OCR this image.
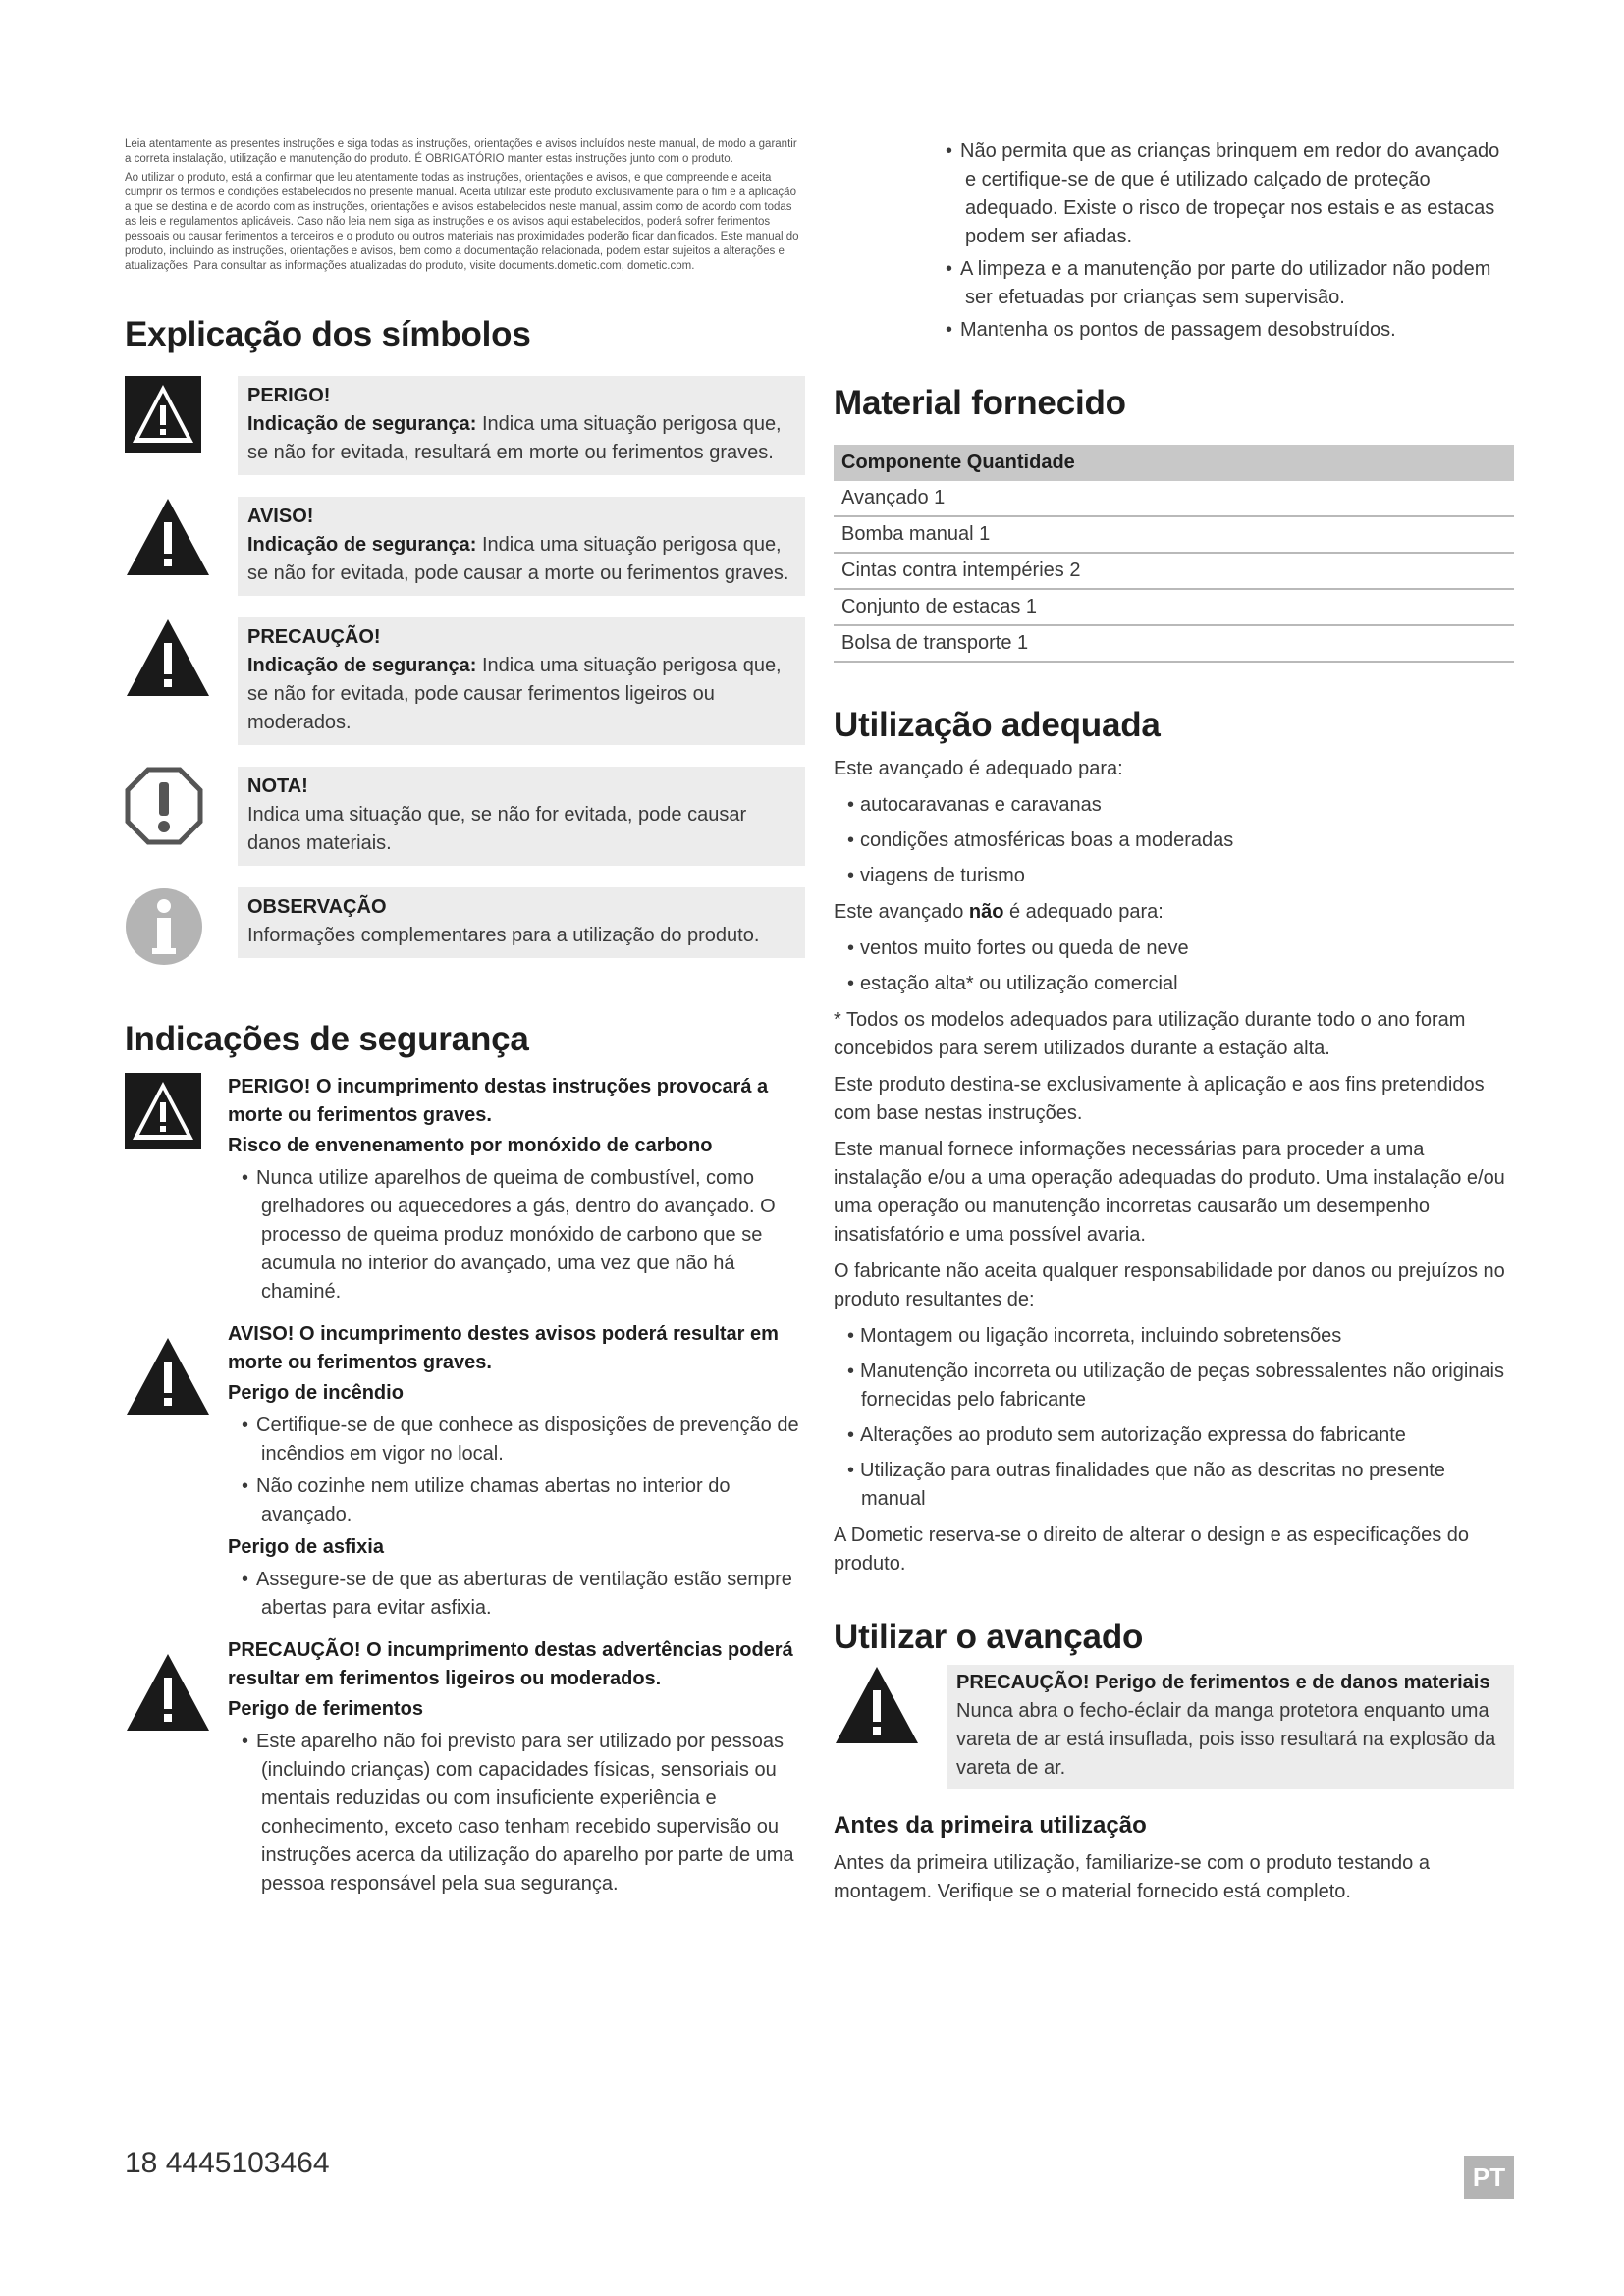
Leia atentamente as presentes instruções e siga todas as instruções, orientações e avisos incluídos neste manual, de modo a garantir a correta instalação, utilização e manutenção do produto. É OBRIGATÓRIO manter estas instruções junto com o produto.

Ao utilizar o produto, está a confirmar que leu atentamente todas as instruções, orientações e avisos, e que compreende e aceita cumprir os termos e condições estabelecidos no presente manual. Aceita utilizar este produto exclusivamente para o fim e a aplicação a que se destina e de acordo com as instruções, orientações e avisos estabelecidos neste manual, assim como de acordo com todas as leis e regulamentos aplicáveis. Caso não leia nem siga as instruções e os avisos aqui estabelecidos, poderá sofrer ferimentos pessoais ou causar ferimentos a terceiros e o produto ou outros materiais nas proximidades poderão ficar danificados. Este manual do produto, incluindo as instruções, orientações e avisos, bem como a documentação relacionada, podem estar sujeitos a alterações e atualizações. Para consultar as informações atualizadas do produto, visite documents.dometic.com, dometic.com.

Explicação dos símbolos
PERIGO!
Indicação de segurança: Indica uma situação perigosa que, se não for evitada, resultará em morte ou ferimentos graves.
AVISO!
Indicação de segurança: Indica uma situação perigosa que, se não for evitada, pode causar a morte ou ferimentos graves.
PRECAUÇÃO!
Indicação de segurança: Indica uma situação perigosa que, se não for evitada, pode causar ferimentos ligeiros ou moderados.
NOTA!
Indica uma situação que, se não for evitada, pode causar danos materiais.
OBSERVAÇÃO
Informações complementares para a utilização do produto.
Indicações de segurança
PERIGO! O incumprimento destas instruções provocará a morte ou ferimentos graves.
Risco de envenenamento por monóxido de carbono
• Nunca utilize aparelhos de queima de combustível, como grelhadores ou aquecedores a gás, dentro do avançado. O processo de queima produz monóxido de carbono que se acumula no interior do avançado, uma vez que não há chaminé.
AVISO! O incumprimento destes avisos poderá resultar em morte ou ferimentos graves.
Perigo de incêndio
• Certifique-se de que conhece as disposições de prevenção de incêndios em vigor no local.
• Não cozinhe nem utilize chamas abertas no interior do avançado.
Perigo de asfixia
• Assegure-se de que as aberturas de ventilação estão sempre abertas para evitar asfixia.
PRECAUÇÃO! O incumprimento destas advertências poderá resultar em ferimentos ligeiros ou moderados.
Perigo de ferimentos
• Este aparelho não foi previsto para ser utilizado por pessoas (incluindo crianças) com capacidades físicas, sensoriais ou mentais reduzidas ou com insuficiente experiência e conhecimento, exceto caso tenham recebido supervisão ou instruções acerca da utilização do aparelho por parte de uma pessoa responsável pela sua segurança.
• Não permita que as crianças brinquem em redor do avançado e certifique-se de que é utilizado calçado de proteção adequado. Existe o risco de tropeçar nos estais e as estacas podem ser afiadas.
• A limpeza e a manutenção por parte do utilizador não podem ser efetuadas por crianças sem supervisão.
• Mantenha os pontos de passagem desobstruídos.
Material fornecido
Componente Quantidade
Avançado 1
Bomba manual 1
Cintas contra intempéries 2
Conjunto de estacas 1
Bolsa de transporte 1
Utilização adequada

Este avançado é adequado para:

• autocaravanas e caravanas
• condições atmosféricas boas a moderadas
• viagens de turismo

Este avançado não é adequado para:

• ventos muito fortes ou queda de neve
• estação alta* ou utilização comercial

* Todos os modelos adequados para utilização durante todo o ano foram concebidos para serem utilizados durante a estação alta.

Este produto destina-se exclusivamente à aplicação e aos fins pretendidos com base nestas instruções.

Este manual fornece informações necessárias para proceder a uma instalação e/ou a uma operação adequadas do produto. Uma instalação e/ou uma operação ou manutenção incorretas causarão um desempenho insatisfatório e uma possível avaria.

O fabricante não aceita qualquer responsabilidade por danos ou prejuízos no produto resultantes de:

• Montagem ou ligação incorreta, incluindo sobretensões
• Manutenção incorreta ou utilização de peças sobressalentes não originais fornecidas pelo fabricante
• Alterações ao produto sem autorização expressa do fabricante
• Utilização para outras finalidades que não as descritas no presente manual

A Dometic reserva-se o direito de alterar o design e as especificações do produto.

Utilizar o avançado
PRECAUÇÃO! Perigo de ferimentos e de danos materiais
Nunca abra o fecho-éclair da manga protetora enquanto uma vareta de ar está insuflada, pois isso resultará na explosão da vareta de ar.
Antes da primeira utilização

Antes da primeira utilização, familiarize-se com o produto testando a montagem. Verifique se o material fornecido está completo.

18 4445103464	PT
